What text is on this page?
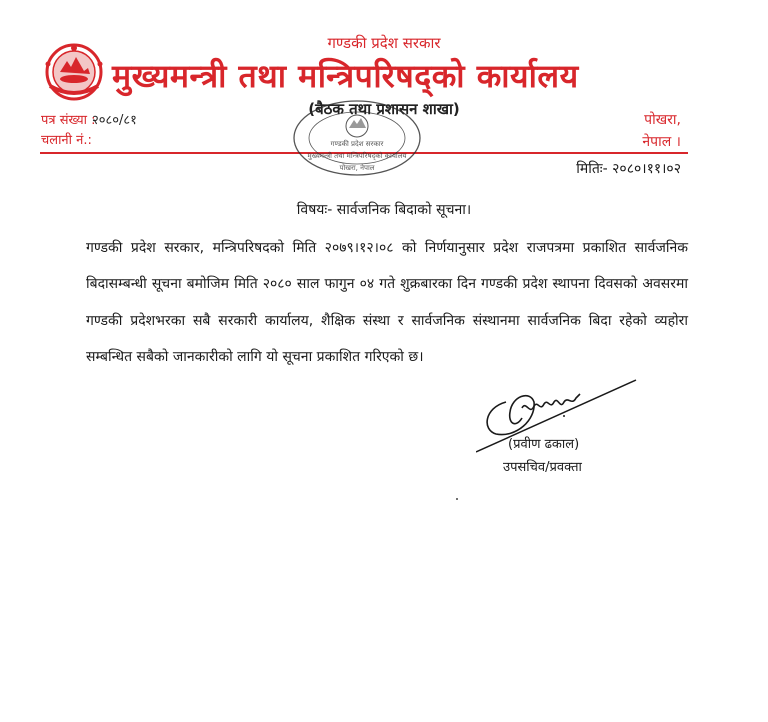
गण्डकी प्रदेश सरकार
मुख्यमन्त्री तथा मन्त्रिपरिषद्को कार्यालय
(बैठक तथा प्रशासन शाखा)
पत्र संख्या :
२०८०/८१
चलानी नं.:
पोखरा,
नेपाल ।
मितिः- २०८०।११।०२
गण्डकी प्रदेश सरकार
मुख्यमन्त्री तथा मन्त्रिपरिषद्को कार्यालय
पोखरा, नेपाल
विषयः- सार्वजनिक बिदाको सूचना।
गण्डकी प्रदेश सरकार, मन्त्रिपरिषदको मिति २०७९।१२।०८ को निर्णयानुसार प्रदेश राजपत्रमा प्रकाशित सार्वजनिक बिदासम्बन्धी सूचना बमोजिम मिति २०८० साल फागुन ०४ गते शुक्रबारका दिन गण्डकी प्रदेश स्थापना दिवसको अवसरमा गण्डकी प्रदेशभरका सबै सरकारी कार्यालय, शैक्षिक संस्था र सार्वजनिक संस्थानमा सार्वजनिक बिदा रहेको व्यहोरा सम्बन्धित सबैको जानकारीको लागि यो सूचना प्रकाशित गरिएको छ।
(प्रवीण ढकाल)
उपसचिव/प्रवक्ता
